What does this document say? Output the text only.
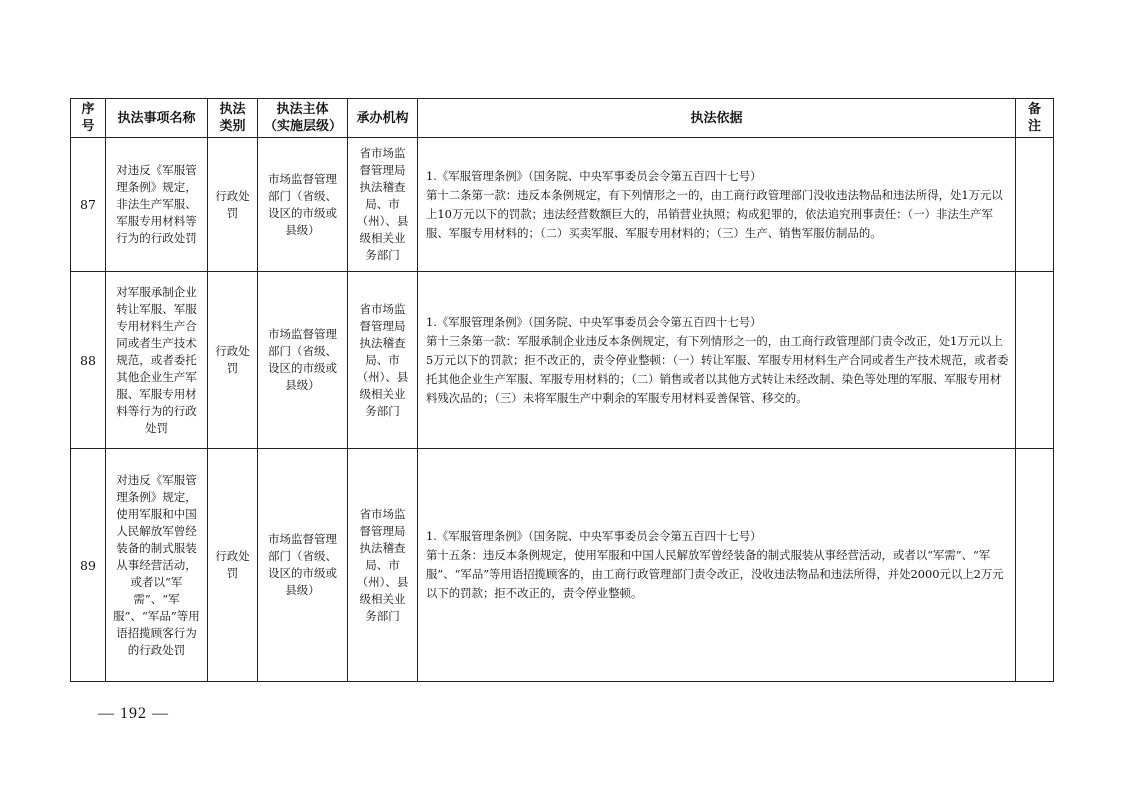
序号	执法事项名称	执法类别	执法主体（实施层级）	承办机构	执法依据	备注
87	对违反《军服管理条例》规定，非法生产军服、军服专用材料等行为的行政处罚	行政处罚	市场监督管理部门（省级、设区的市级或县级）	省市场监督管理局执法稽查局、市（州）、县级相关业务部门	1.《军服管理条例》（国务院、中央军事委员会令第五百四十七号）
第十二条第一款：违反本条例规定，有下列情形之一的，由工商行政管理部门没收违法物品和违法所得，处1万元以上10万元以下的罚款；违法经营数额巨大的，吊销营业执照；构成犯罪的，依法追究刑事责任：（一）非法生产军服、军服专用材料的；（二）买卖军服、军服专用材料的；（三）生产、销售军服仿制品的。	

88	对军服承制企业转让军服、军服专用材料生产合同或者生产技术规范，或者委托其他企业生产军服、军服专用材料等行为的行政处罚	行政处罚	市场监督管理部门（省级、设区的市级或县级）	省市场监督管理局执法稽查局、市（州）、县级相关业务部门	1.《军服管理条例》（国务院、中央军事委员会令第五百四十七号）
第十三条第一款：军服承制企业违反本条例规定，有下列情形之一的，由工商行政管理部门责令改正，处1万元以上5万元以下的罚款；拒不改正的，责令停业整顿：（一）转让军服、军服专用材料生产合同或者生产技术规范，或者委托其他企业生产军服、军服专用材料的；（二）销售或者以其他方式转让未经改制、染色等处理的军服、军服专用材料残次品的；（三）未将军服生产中剩余的军服专用材料妥善保管、移交的。	

89	对违反《军服管理条例》规定，使用军服和中国人民解放军曾经装备的制式服装从事经营活动，或者以“军需”、“军服”、“军品”等用语招揽顾客行为的行政处罚	行政处罚	市场监督管理部门（省级、设区的市级或县级）	省市场监督管理局执法稽查局、市（州）、县级相关业务部门	1.《军服管理条例》（国务院、中央军事委员会令第五百四十七号）
第十五条：违反本条例规定，使用军服和中国人民解放军曾经装备的制式服装从事经营活动，或者以“军需”、“军服”、“军品”等用语招揽顾客的，由工商行政管理部门责令改正，没收违法物品和违法所得，并处2000元以上2万元以下的罚款；拒不改正的，责令停业整顿。	

— 192 —
